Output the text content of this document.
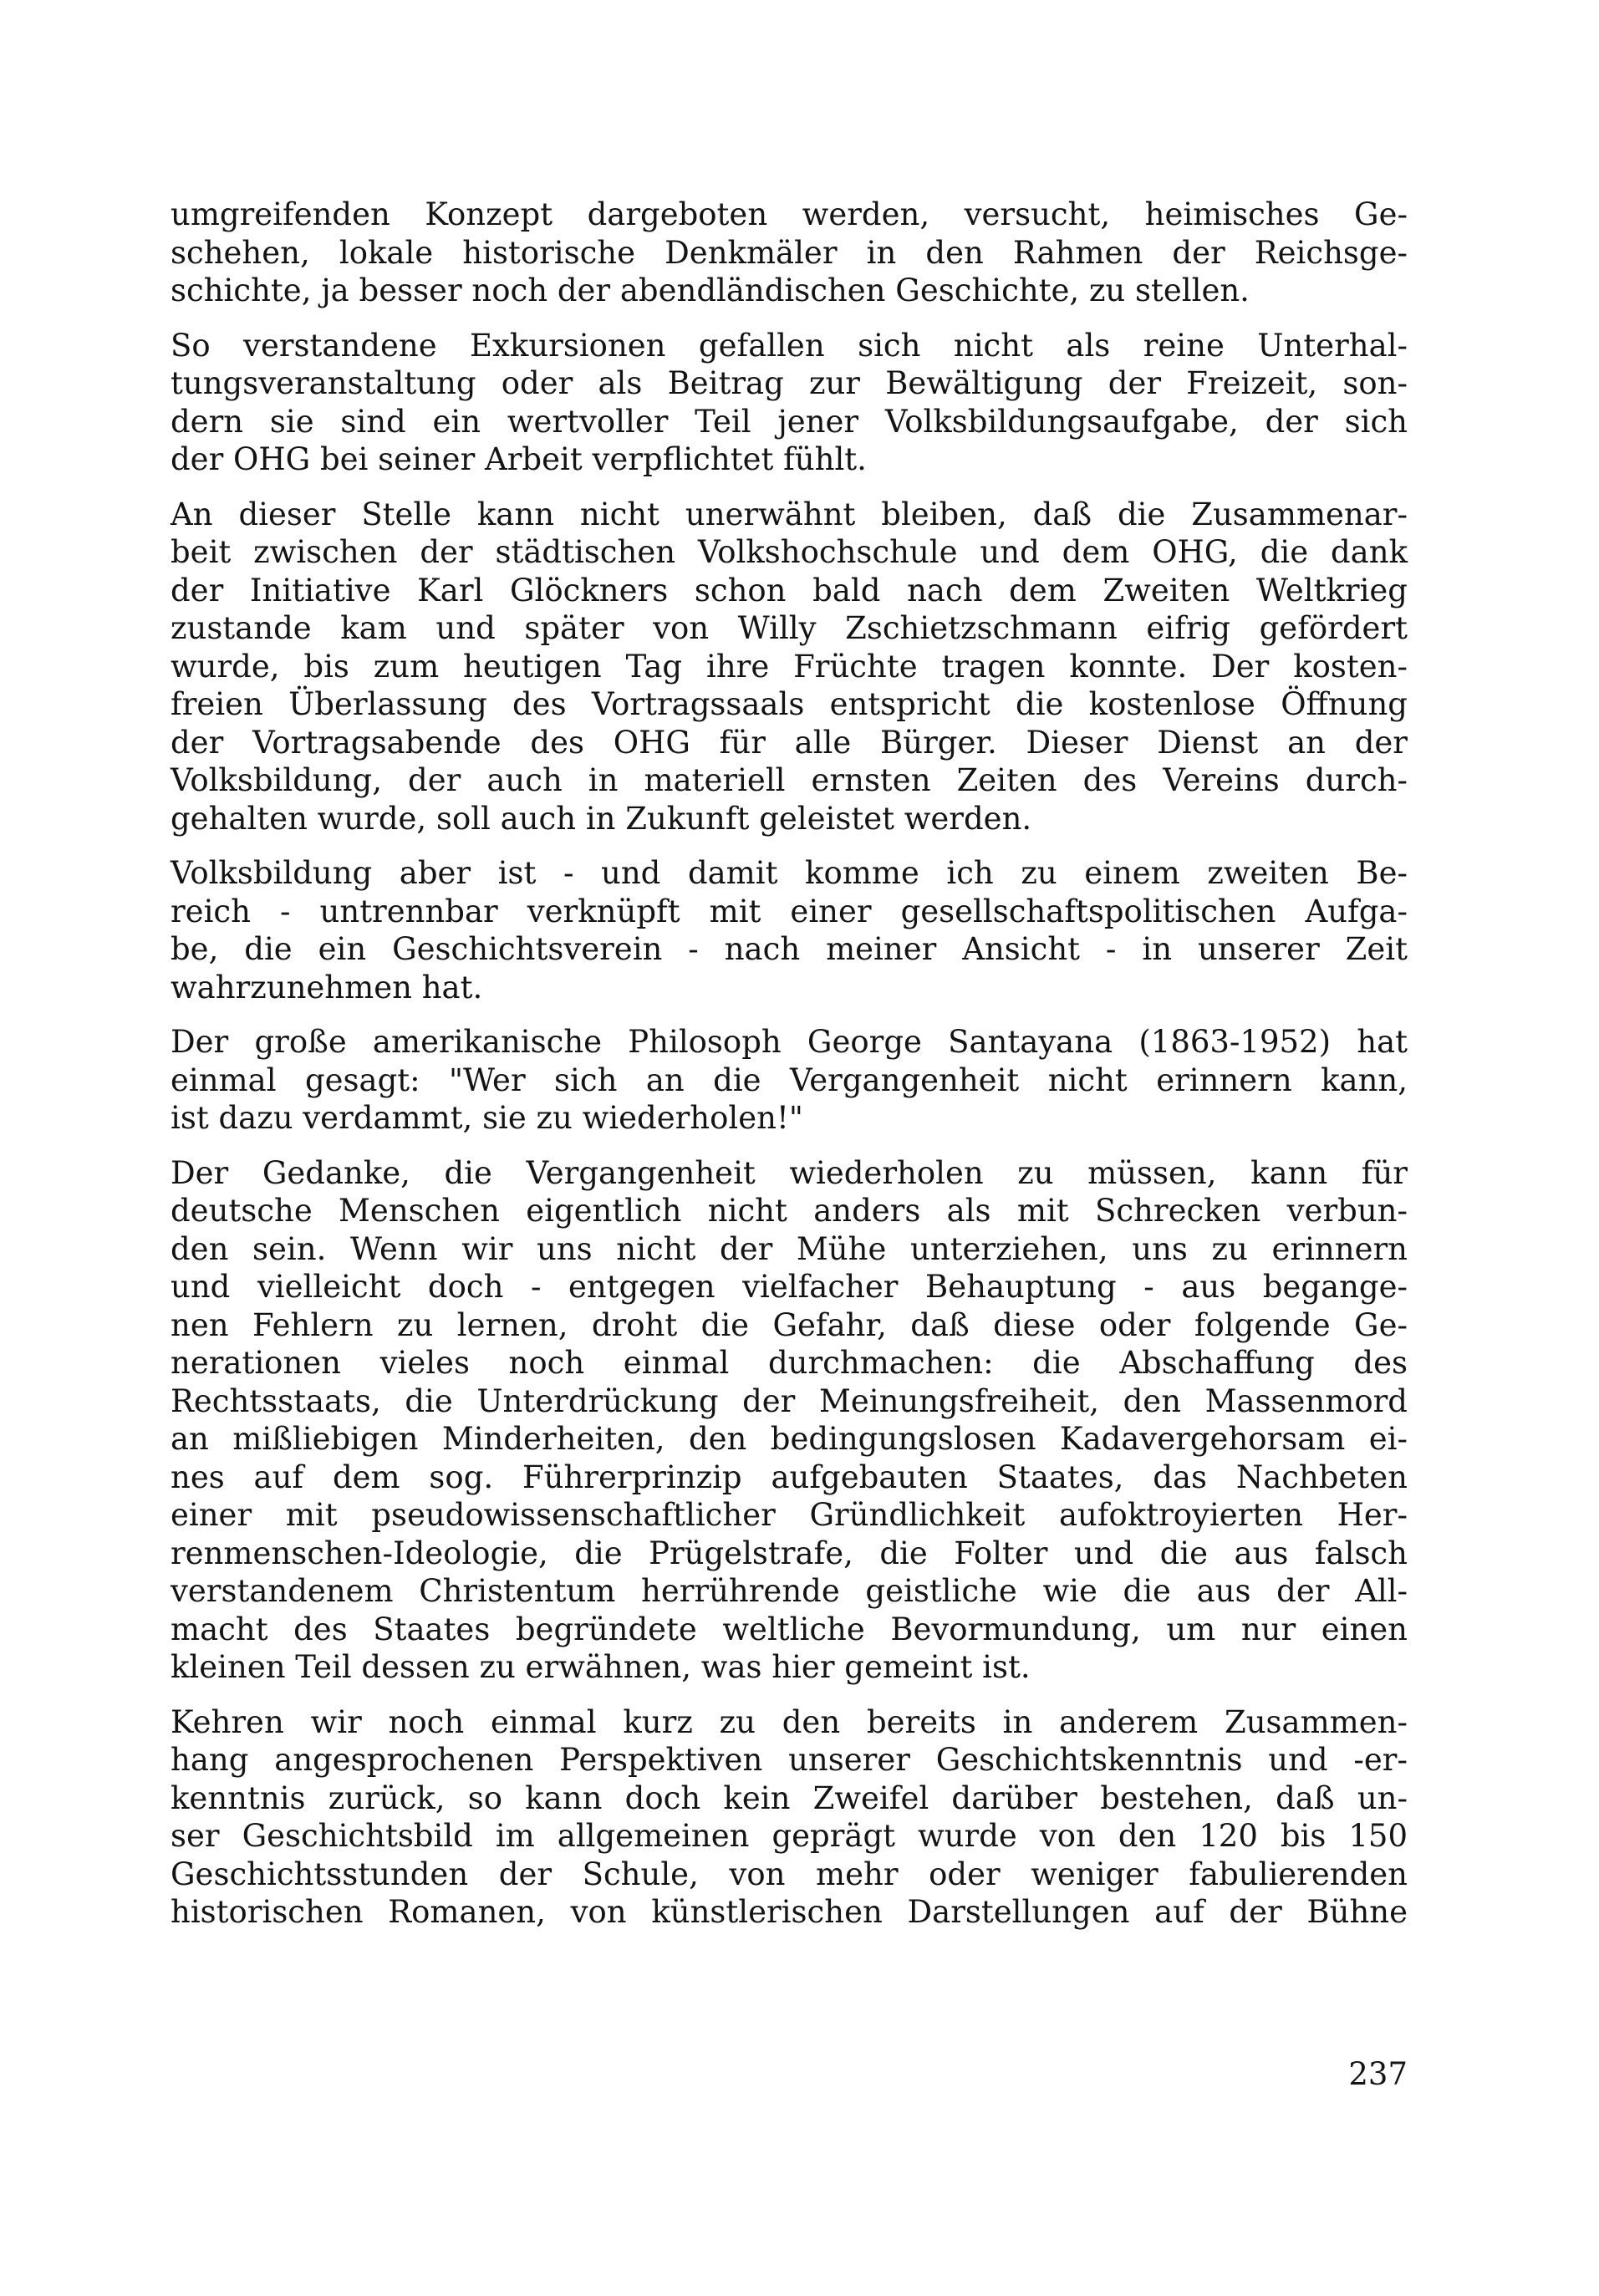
umgreifenden Konzept dargeboten werden, versucht, heimisches Ge-
schehen, lokale historische Denkmäler in den Rahmen der Reichsge-
schichte, ja besser noch der abendländischen Geschichte, zu stellen.
So verstandene Exkursionen gefallen sich nicht als reine Unterhal-
tungsveranstaltung oder als Beitrag zur Bewältigung der Freizeit, son-
dern sie sind ein wertvoller Teil jener Volksbildungsaufgabe, der sich
der OHG bei seiner Arbeit verpflichtet fühlt.
An dieser Stelle kann nicht unerwähnt bleiben, daß die Zusammenar-
beit zwischen der städtischen Volkshochschule und dem OHG, die dank
der Initiative Karl Glöckners schon bald nach dem Zweiten Weltkrieg
zustande kam und später von Willy Zschietzschmann eifrig gefördert
wurde, bis zum heutigen Tag ihre Früchte tragen konnte. Der kosten-
freien Überlassung des Vortragssaals entspricht die kostenlose Öffnung
der Vortragsabende des OHG für alle Bürger. Dieser Dienst an der
Volksbildung, der auch in materiell ernsten Zeiten des Vereins durch-
gehalten wurde, soll auch in Zukunft geleistet werden.
Volksbildung aber ist - und damit komme ich zu einem zweiten Be-
reich - untrennbar verknüpft mit einer gesellschaftspolitischen Aufga-
be, die ein Geschichtsverein - nach meiner Ansicht - in unserer Zeit
wahrzunehmen hat.
Der große amerikanische Philosoph George Santayana (1863-1952) hat
einmal gesagt: "Wer sich an die Vergangenheit nicht erinnern kann,
ist dazu verdammt, sie zu wiederholen!"
Der Gedanke, die Vergangenheit wiederholen zu müssen, kann für
deutsche Menschen eigentlich nicht anders als mit Schrecken verbun-
den sein. Wenn wir uns nicht der Mühe unterziehen, uns zu erinnern
und vielleicht doch - entgegen vielfacher Behauptung - aus begange-
nen Fehlern zu lernen, droht die Gefahr, daß diese oder folgende Ge-
nerationen vieles noch einmal durchmachen: die Abschaffung des
Rechtsstaats, die Unterdrückung der Meinungsfreiheit, den Massenmord
an mißliebigen Minderheiten, den bedingungslosen Kadavergehorsam ei-
nes auf dem sog. Führerprinzip aufgebauten Staates, das Nachbeten
einer mit pseudowissenschaftlicher Gründlichkeit aufoktroyierten Her-
renmenschen-Ideologie, die Prügelstrafe, die Folter und die aus falsch
verstandenem Christentum herrührende geistliche wie die aus der All-
macht des Staates begründete weltliche Bevormundung, um nur einen
kleinen Teil dessen zu erwähnen, was hier gemeint ist.
Kehren wir noch einmal kurz zu den bereits in anderem Zusammen-
hang angesprochenen Perspektiven unserer Geschichtskenntnis und -er-
kenntnis zurück, so kann doch kein Zweifel darüber bestehen, daß un-
ser Geschichtsbild im allgemeinen geprägt wurde von den 120 bis 150
Geschichtsstunden der Schule, von mehr oder weniger fabulierenden
historischen Romanen, von künstlerischen Darstellungen auf der Bühne
237
